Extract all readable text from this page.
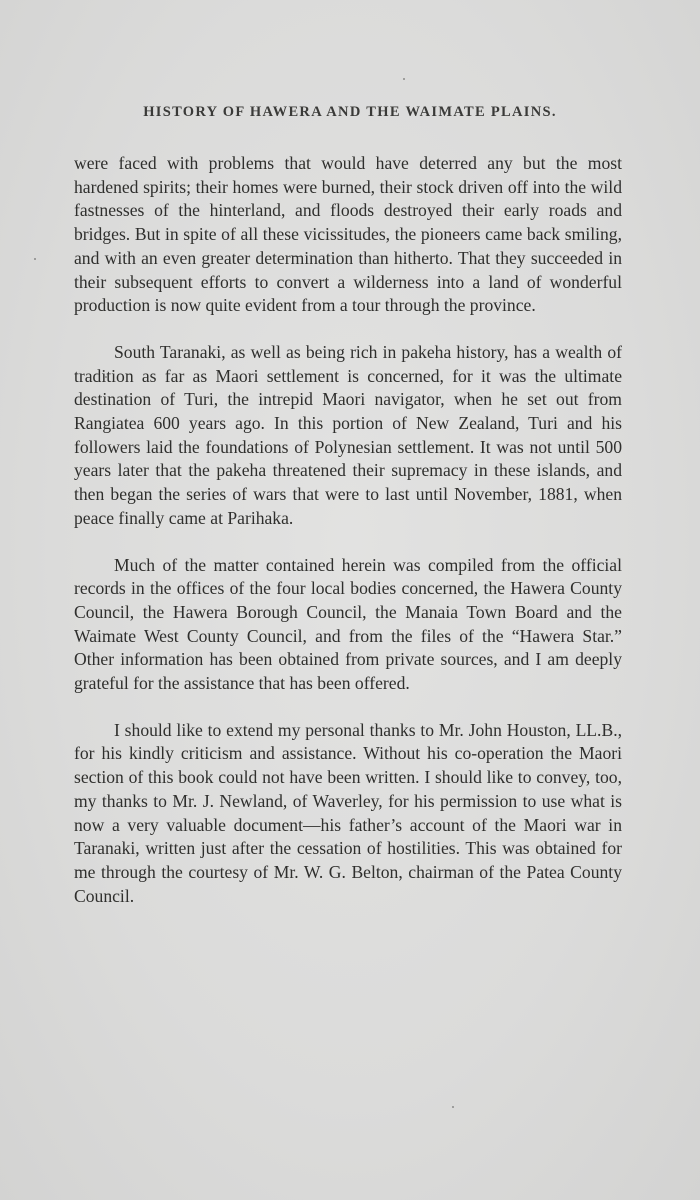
HISTORY OF HAWERA AND THE WAIMATE PLAINS.

were faced with problems that would have deterred any but the most hardened spirits; their homes were burned, their stock driven off into the wild fastnesses of the hinterland, and floods destroyed their early roads and bridges. But in spite of all these vicissitudes, the pioneers came back smiling, and with an even greater determination than hitherto. That they succeeded in their subsequent efforts to convert a wilderness into a land of wonderful production is now quite evident from a tour through the province.

South Taranaki, as well as being rich in pakeha history, has a wealth of tradition as far as Maori settlement is concerned, for it was the ultimate destination of Turi, the intrepid Maori navigator, when he set out from Rangiatea 600 years ago. In this portion of New Zealand, Turi and his followers laid the foundations of Polynesian settlement. It was not until 500 years later that the pakeha threatened their supremacy in these islands, and then began the series of wars that were to last until November, 1881, when peace finally came at Parihaka.

Much of the matter contained herein was compiled from the official records in the offices of the four local bodies concerned, the Hawera County Council, the Hawera Borough Council, the Manaia Town Board and the Waimate West County Council, and from the files of the “Hawera Star.” Other information has been obtained from private sources, and I am deeply grateful for the assistance that has been offered.

I should like to extend my personal thanks to Mr. John Houston, LL.B., for his kindly criticism and assistance. Without his co-operation the Maori section of this book could not have been written. I should like to convey, too, my thanks to Mr. J. Newland, of Waverley, for his permission to use what is now a very valuable document—his father’s account of the Maori war in Taranaki, written just after the cessation of hostilities. This was obtained for me through the courtesy of Mr. W. G. Belton, chairman of the Patea County Council.
